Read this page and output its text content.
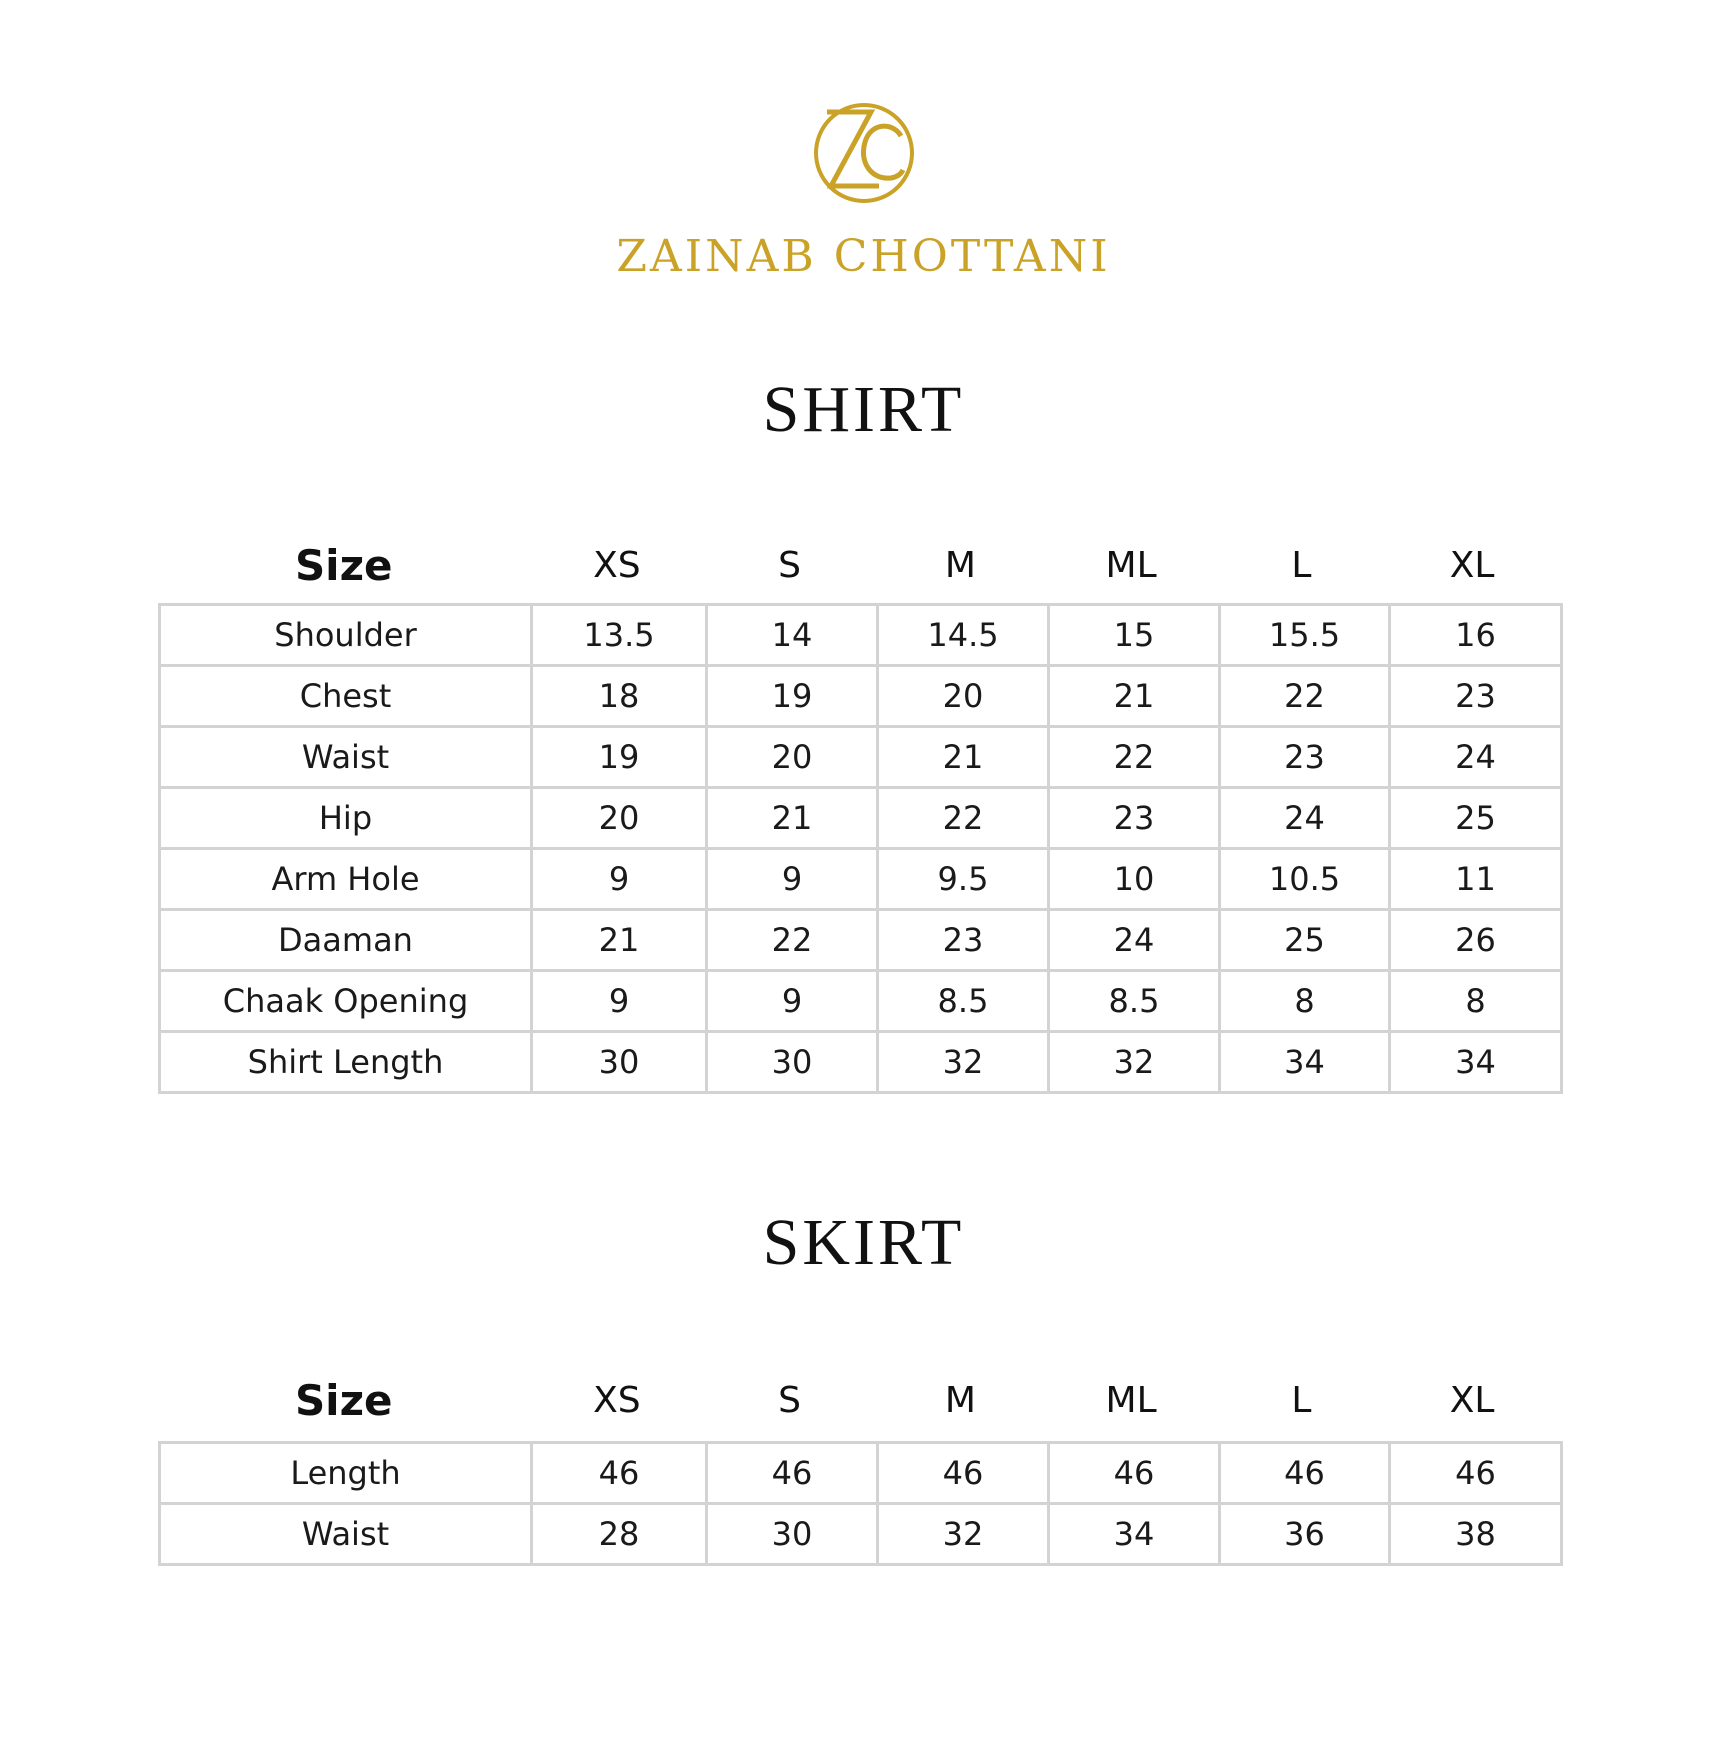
ZAINAB CHOTTANI
SHIRT
Size	XS	S	M	ML	L	XL
Shoulder	13.5	14	14.5	15	15.5	16
Chest	18	19	20	21	22	23
Waist	19	20	21	22	23	24
Hip	20	21	22	23	24	25
Arm Hole	9	9	9.5	10	10.5	11
Daaman	21	22	23	24	25	26
Chaak Opening	9	9	8.5	8.5	8	8
Shirt Length	30	30	32	32	34	34
SKIRT
Size	XS	S	M	ML	L	XL
Length	46	46	46	46	46	46
Waist	28	30	32	34	36	38
